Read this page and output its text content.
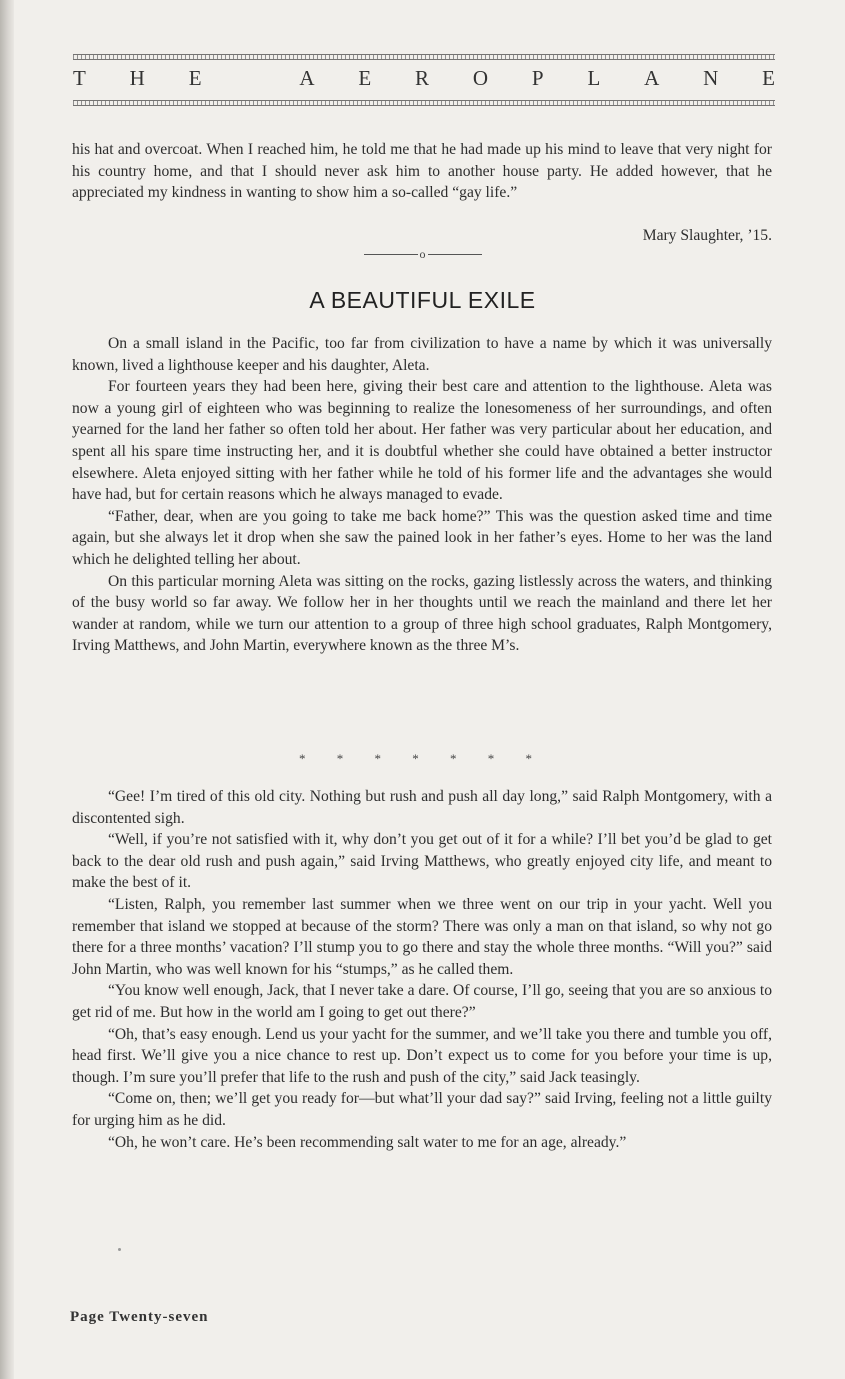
T H E	A E R O P L A N E

his hat and overcoat. When I reached him, he told me that he had made up his mind to leave that very night for his country home, and that I should never ask him to another house party. He added however, that he appreciated my kindness in wanting to show him a so-called “gay life.”

Mary Slaughter, ’15.
o
A BEAUTIFUL EXILE

On a small island in the Pacific, too far from civilization to have a name by which it was universally known, lived a lighthouse keeper and his daughter, Aleta.

For fourteen years they had been here, giving their best care and attention to the lighthouse. Aleta was now a young girl of eighteen who was beginning to realize the lonesomeness of her surroundings, and often yearned for the land her father so often told her about. Her father was very particular about her education, and spent all his spare time instructing her, and it is doubtful whether she could have obtained a better instructor elsewhere. Aleta enjoyed sitting with her father while he told of his former life and the advantages she would have had, but for certain reasons which he always managed to evade.

“Father, dear, when are you going to take me back home?” This was the question asked time and time again, but she always let it drop when she saw the pained look in her father’s eyes. Home to her was the land which he delighted telling her about.

On this particular morning Aleta was sitting on the rocks, gazing listlessly across the waters, and thinking of the busy world so far away. We follow her in her thoughts until we reach the mainland and there let her wander at random, while we turn our attention to a group of three high school graduates, Ralph Montgomery, Irving Matthews, and John Martin, everywhere known as the three M’s.

* * * * * * *

“Gee! I’m tired of this old city. Nothing but rush and push all day long,” said Ralph Montgomery, with a discontented sigh.

“Well, if you’re not satisfied with it, why don’t you get out of it for a while? I’ll bet you’d be glad to get back to the dear old rush and push again,” said Irving Matthews, who greatly enjoyed city life, and meant to make the best of it.

“Listen, Ralph, you remember last summer when we three went on our trip in your yacht. Well you remember that island we stopped at because of the storm? There was only a man on that island, so why not go there for a three months’ vacation? I’ll stump you to go there and stay the whole three months. “Will you?” said John Martin, who was well known for his “stumps,” as he called them.

“You know well enough, Jack, that I never take a dare. Of course, I’ll go, seeing that you are so anxious to get rid of me. But how in the world am I going to get out there?”

“Oh, that’s easy enough. Lend us your yacht for the summer, and we’ll take you there and tumble you off, head first. We’ll give you a nice chance to rest up. Don’t expect us to come for you before your time is up, though. I’m sure you’ll prefer that life to the rush and push of the city,” said Jack teasingly.

“Come on, then; we’ll get you ready for—but what’ll your dad say?” said Irving, feeling not a little guilty for urging him as he did.

“Oh, he won’t care. He’s been recommending salt water to me for an age, already.”

Page Twenty-seven
